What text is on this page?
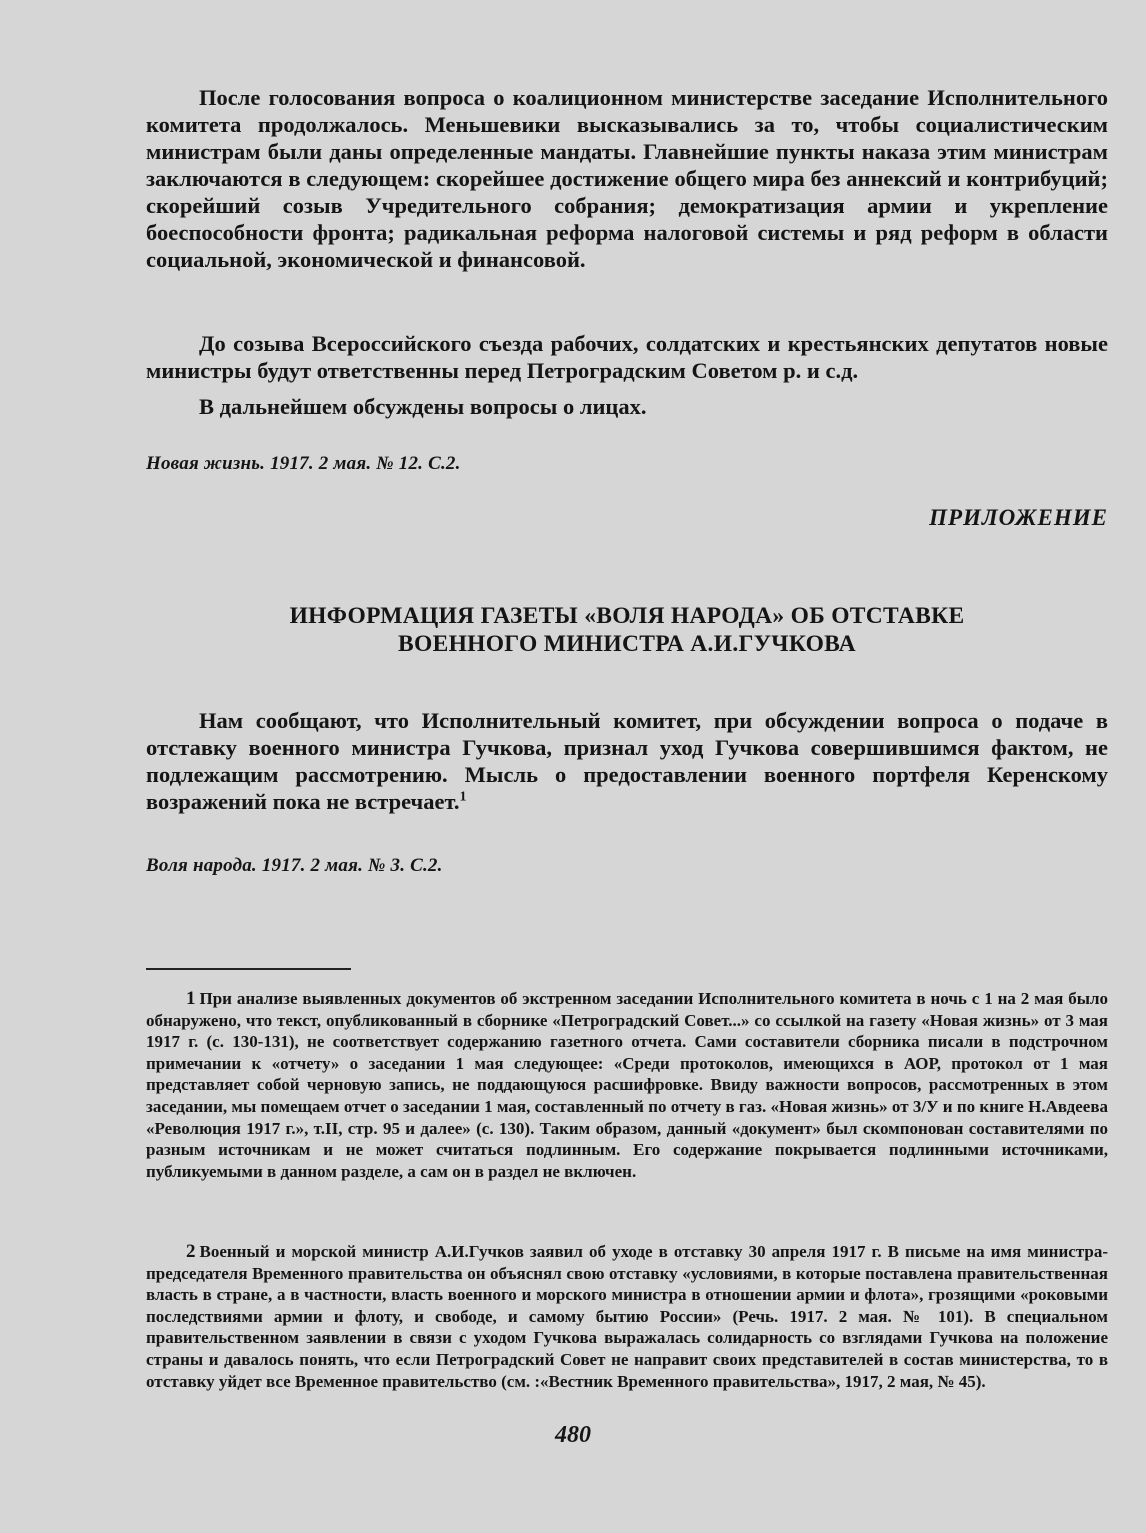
После голосования вопроса о коалиционном министерстве заседание Исполнительного комитета продолжалось. Меньшевики высказывались за то, чтобы социалистическим министрам были даны определенные мандаты. Главнейшие пункты наказа этим министрам заключаются в следующем: скорейшее достижение общего мира без аннексий и контрибуций; скорейший созыв Учредительного собрания; демократизация армии и укрепление боеспособности фронта; радикальная реформа налоговой системы и ряд реформ в области социальной, экономической и финансовой.

До созыва Всероссийского съезда рабочих, солдатских и крестьянских депутатов новые министры будут ответственны перед Петроградским Советом р. и с.д.

В дальнейшем обсуждены вопросы о лицах.

Новая жизнь. 1917. 2 мая. № 12. С.2.

ПРИЛОЖЕНИЕ

ИНФОРМАЦИЯ ГАЗЕТЫ «ВОЛЯ НАРОДА» ОБ ОТСТАВКЕ
ВОЕННОГО МИНИСТРА А.И.ГУЧКОВА

Нам сообщают, что Исполнительный комитет, при обсуждении вопроса о подаче в отставку военного министра Гучкова, признал уход Гучкова совершившимся фактом, не подлежащим рассмотрению. Мысль о предоставлении военного портфеля Керенскому возражений пока не встречает.$^1$

Воля народа. 1917. 2 мая. № 3. С.2.

1 При анализе выявленных документов об экстренном заседании Исполнительного комитета в ночь с 1 на 2 мая было обнаружено, что текст, опубликованный в сборнике «Петроградский Совет...» со ссылкой на газету «Новая жизнь» от 3 мая 1917 г. (с. 130-131), не соответствует содержанию газетного отчета. Сами составители сборника писали в подстрочном примечании к «отчету» о заседании 1 мая следующее: «Среди протоколов, имеющихся в АОР, протокол от 1 мая представляет собой черновую запись, не поддающуюся расшифровке. Ввиду важности вопросов, рассмотренных в этом заседании, мы помещаем отчет о заседании 1 мая, составленный по отчету в газ. «Новая жизнь» от 3/У и по книге Н.Авдеева «Революция 1917 г.», т.II, стр. 95 и далее» (с. 130). Таким образом, данный «документ» был скомпонован составителями по разным источникам и не может считаться подлинным. Его содержание покрывается подлинными источниками, публикуемыми в данном разделе, а сам он в раздел не включен.

2 Военный и морской министр А.И.Гучков заявил об уходе в отставку 30 апреля 1917 г. В письме на имя министра-председателя Временного правительства он объяснял свою отставку «условиями, в которые поставлена правительственная власть в стране, а в частности, власть военного и морского министра в отношении армии и флота», грозящими «роковыми последствиями армии и флоту, и свободе, и самому бытию России» (Речь. 1917. 2 мая. № 101). В специальном правительственном заявлении в связи с уходом Гучкова выражалась солидарность со взглядами Гучкова на положение страны и давалось понять, что если Петроградский Совет не направит своих представителей в состав министерства, то в отставку уйдет все Временное правительство (см. :«Вестник Временного правительства», 1917, 2 мая, № 45).

480
